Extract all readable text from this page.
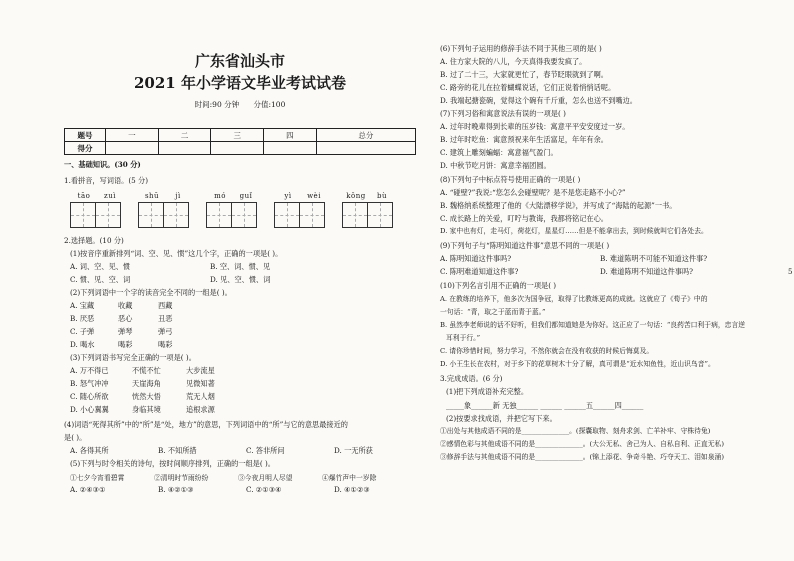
广东省汕头市
2021 年小学语文毕业考试试卷
时间:90 分钟 分值:100
题号	一	二	三	四	总分
得分					
一、基础知识。(30 分)
1.看拼音，写词语。(5 分)
tāo zuì	shū jì	mó guǐ	yì wèi	kǒng bù
2.选择题。(10 分)
(1)按音序重新排列“词、空、见、惯”这几个字，正确的一项是( )。
A. 词、空、见、惯	B. 空、词、惯、见
C. 惯、见、空、词	D. 见、空、惯、词
(2)下列词语中一个字的读音完全不同的一组是( )。
A. 宝藏	收藏	西藏
B. 厌恶	恶心	丑恶
C. 子弹	弹琴	弹弓
D. 喝水	喝彩	喝彩
(3)下列词语书写完全正确的一项是( )。
A. 万不得已	不慌不忙	大步流星
B. 怒气冲冲	天崖海角	见微知著
C. 随心所欲	恍然大悟	荒无人烟
D. 小心翼翼	身临其境	追根求源
(4)词语“死得其所”中的“所”是“处，地方”的意思，下列词语中的“所”与它的意思最接近的
是( )。
A. 各得其所	B. 不知所措	C. 答非所问	D. 一无所获
(5)下列与时令相关的诗句，按时间顺序排列，正确的一组是( )。
①七夕今宵看碧霄	②清明时节雨纷纷	③今夜月明人尽望	④爆竹声中一岁除
A. ②④③①	B. ④②①③	C. ②①③④	D. ④①②③
(6)下列句子运用的修辞手法不同于其他三项的是( )
A. 住方家大院的八儿，今天真得我要发疯了。
B. 过了二十三，大家就更忙了，春节眨眼就到了啊。
C. 路旁的花儿在拉着蝴蝶说话，它们正说着悄悄话呢。
D. 我端起搪瓷碗，觉得这个碗有千斤重，怎么也送不到嘴边。
(7)下列习俗和寓意说法有误的一项是( )
A. 过年时晚辈得到长辈的压岁钱：寓意平平安安度过一岁。
B. 过年时吃鱼：寓意预祝来年生活富足，年年有余。
C. 建筑上雕刻蝙蝠：寓意福气盈门。
D. 中秋节吃月饼：寓意幸福团圆。
(8)下列句子中标点符号使用正确的一项是( )
A. “碰壁?”我说:“您怎么会碰壁呢？是不是您走路不小心?”
B. 魏格纳系统整理了他的《大陆漂移学说》，并写成了“海陆的起源”一书。
C. 成长路上的关爱，叮咛与教诲，我都将铭记在心。
D. 家中也有灯，走马灯，荷花灯，星星灯……但是不能拿出去，到时候就叫它们各处去。
(9)下列句子与“陈明知道这件事”意思不同的一项是( )
A. 陈明知道这件事吗?	B. 难道陈明不可能不知道这件事?
C. 陈明难道知道这件事?	D. 难道陈明不知道这件事吗?
(10)下列名言引用不正确的一项是( )
A. 在教练的培养下，他多次为国争冠，取得了比教练更高的成就。这就应了《荀子》中的
一句话：“青，取之于蓝而青于蓝。”
B. 虽然李老师说的话不好听，但我们都知道她是为你好。这正应了一句话：“良药苦口利于病，忠言逆
耳利于行。”
C. 请你珍惜时间，努力学习，不然你就会在没有收获的时候后悔莫及。
D. 小王生长在农村，对于乡下的花草树木十分了解，真可谓是“近水知鱼性，近山识鸟音”。
3.完成成语。(6 分)
(1)把下列成语补充完整。
_____象______新 无独______ ______ ______五______四______
(2)按要求找成语，并把它写下来。
①出处与其他成语不同的是______________。(探囊取物、刻舟求剑、亡羊补牢、守株待兔)
②感情色彩与其他成语不同的是______________。(大公无私、舍己为人、自私自利、正直无私)
③修辞手法与其他成语不同的是______________。(锦上添花、争奇斗艳、巧夺天工、泪如泉涌)
5
